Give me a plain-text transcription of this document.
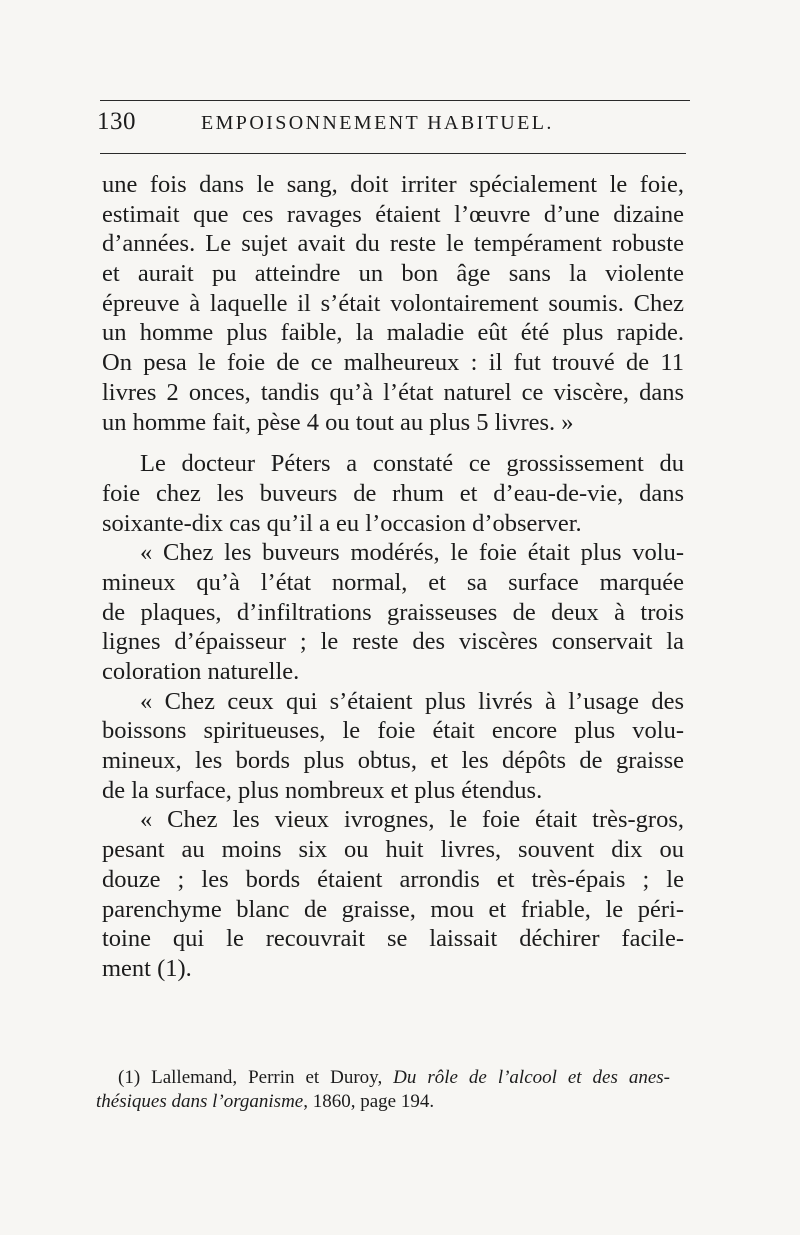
130	EMPOISONNEMENT HABITUEL.
une fois dans le sang, doit irriter spécialement le foie,
estimait que ces ravages étaient l’œuvre d’une dizaine
d’années. Le sujet avait du reste le tempérament robuste
et aurait pu atteindre un bon âge sans la violente
épreuve à laquelle il s’était volontairement soumis. Chez
un homme plus faible, la maladie eût été plus rapide.
On pesa le foie de ce malheureux : il fut trouvé de 11
livres 2 onces, tandis qu’à l’état naturel ce viscère, dans
un homme fait, pèse 4 ou tout au plus 5 livres. »
Le docteur Péters a constaté ce grossissement du
foie chez les buveurs de rhum et d’eau-de-vie, dans
soixante-dix cas qu’il a eu l’occasion d’observer.
« Chez les buveurs modérés, le foie était plus volu-
mineux qu’à l’état normal, et sa surface marquée
de plaques, d’infiltrations graisseuses de deux à trois
lignes d’épaisseur ; le reste des viscères conservait la
coloration naturelle.
« Chez ceux qui s’étaient plus livrés à l’usage des
boissons spiritueuses, le foie était encore plus volu-
mineux, les bords plus obtus, et les dépôts de graisse
de la surface, plus nombreux et plus étendus.
« Chez les vieux ivrognes, le foie était très-gros,
pesant au moins six ou huit livres, souvent dix ou
douze ; les bords étaient arrondis et très-épais ; le
parenchyme blanc de graisse, mou et friable, le péri-
toine qui le recouvrait se laissait déchirer facile-
ment (1).
(1) Lallemand, Perrin et Duroy, Du rôle de l’alcool et des anes-
thésiques dans l’organisme, 1860, page 194.
